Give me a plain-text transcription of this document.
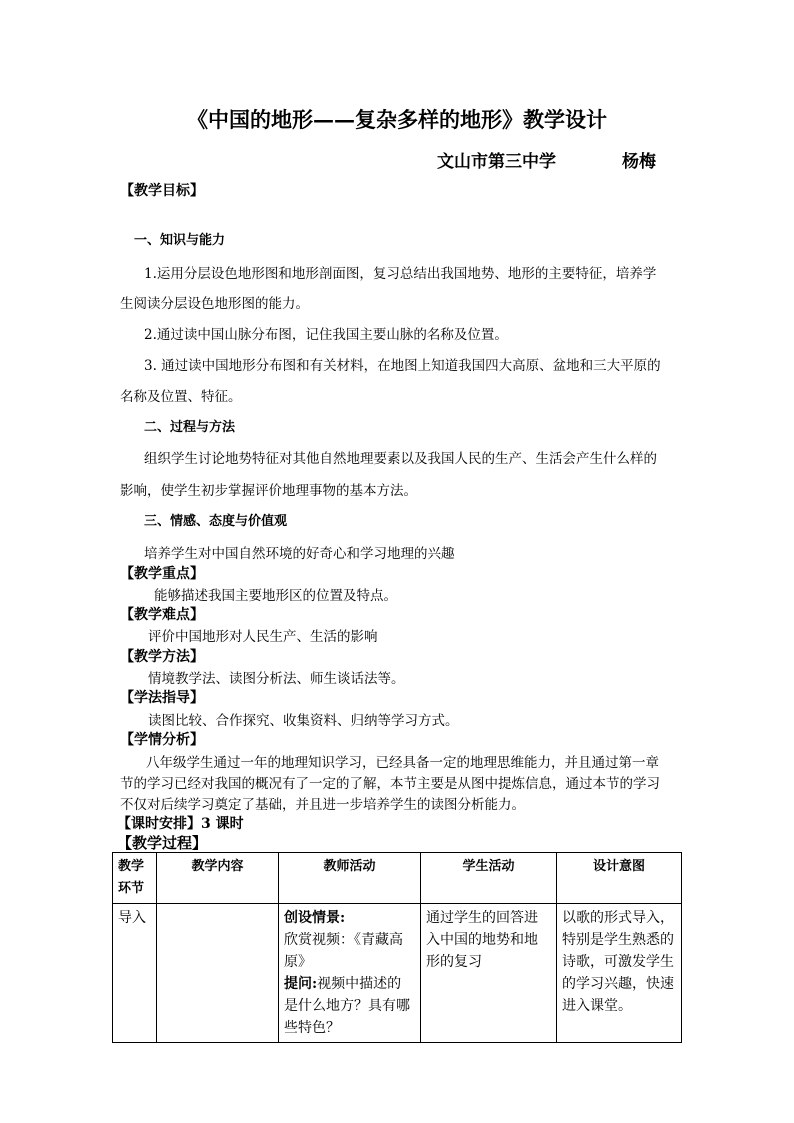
《中国的地形——复杂多样的地形》教学设计
文山市第三中学	杨梅
【教学目标】
一、知识与能力
1.运用分层设色地形图和地形剖面图，复习总结出我国地势、地形的主要特征，培养学
生阅读分层设色地形图的能力。
2.通过读中国山脉分布图，记住我国主要山脉的名称及位置。
3. 通过读中国地形分布图和有关材料，在地图上知道我国四大高原、盆地和三大平原的
名称及位置、特征。
二、过程与方法
组织学生讨论地势特征对其他自然地理要素以及我国人民的生产、生活会产生什么样的
影响，使学生初步掌握评价地理事物的基本方法。
三、情感、态度与价值观
培养学生对中国自然环境的好奇心和学习地理的兴趣
【教学重点】
能够描述我国主要地形区的位置及特点。
【教学难点】
评价中国地形对人民生产、生活的影响
【教学方法】
情境教学法、读图分析法、师生谈话法等。
【学法指导】
读图比较、合作探究、收集资料、归纳等学习方式。
【学情分析】
八年级学生通过一年的地理知识学习，已经具备一定的地理思维能力，并且通过第一章
节的学习已经对我国的概况有了一定的了解，本节主要是从图中提炼信息，通过本节的学习
不仅对后续学习奠定了基础，并且进一步培养学生的读图分析能力。
【课时安排】3 课时
【教学过程】
教学
环节	教学内容	教师活动	学生活动	设计意图
导入		创设情景:
欣赏视频：《青藏高原》
提问:视频中描述的是什么地方？具有哪些特色？	通过学生的回答进入中国的地势和地形的复习	以歌的形式导入，特别是学生熟悉的诗歌，可激发学生的学习兴趣，快速进入课堂。
